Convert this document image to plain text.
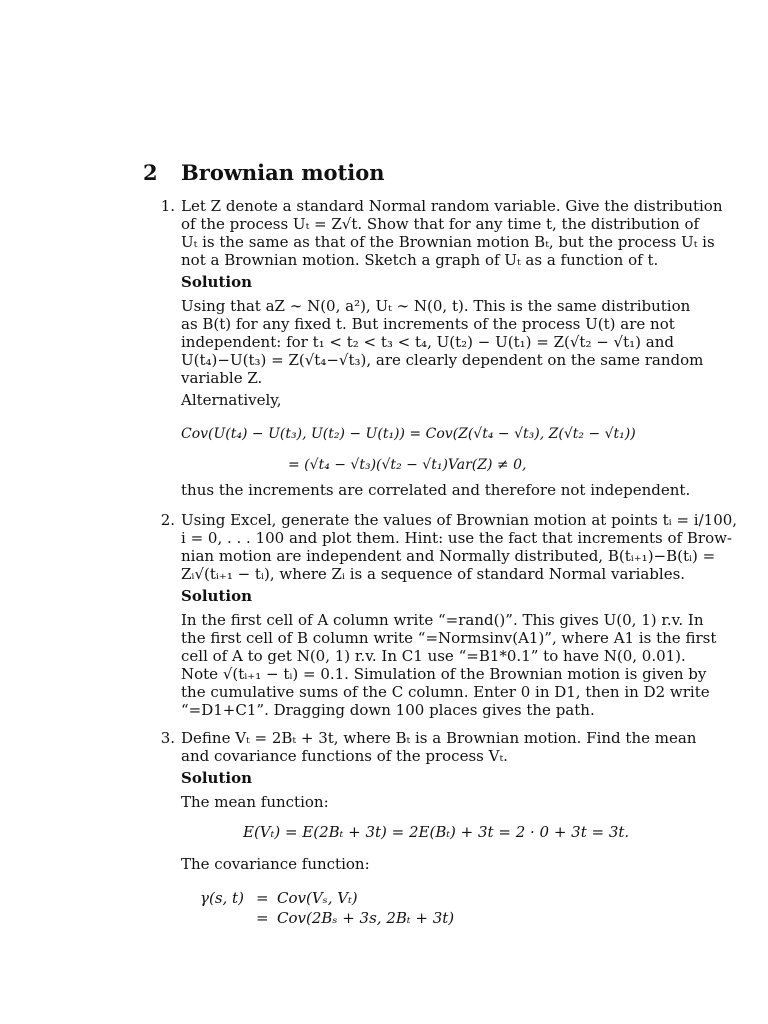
2 Brownian motion
1. Let Z denote a standard Normal random variable. Give the distribution
of the process Uₜ = Z√t. Show that for any time t, the distribution of
Uₜ is the same as that of the Brownian motion Bₜ, but the process Uₜ is
not a Brownian motion. Sketch a graph of Uₜ as a function of t.
Solution
Using that aZ ∼ N(0, a²), Uₜ ∼ N(0, t). This is the same distribution
as B(t) for any fixed t. But increments of the process U(t) are not
independent: for t₁ < t₂ < t₃ < t₄, U(t₂) − U(t₁) = Z(√t₂ − √t₁) and
U(t₄)−U(t₃) = Z(√t₄−√t₃), are clearly dependent on the same random
variable Z.
Alternatively,
Cov(U(t₄) − U(t₃), U(t₂) − U(t₁)) = Cov(Z(√t₄ − √t₃), Z(√t₂ − √t₁))
= (√t₄ − √t₃)(√t₂ − √t₁)Var(Z) ≠ 0,
thus the increments are correlated and therefore not independent.
2. Using Excel, generate the values of Brownian motion at points tᵢ = i/100,
i = 0, . . . 100 and plot them. Hint: use the fact that increments of Brow-
nian motion are independent and Normally distributed, B(tᵢ₊₁)−B(tᵢ) =
Zᵢ√(tᵢ₊₁ − tᵢ), where Zᵢ is a sequence of standard Normal variables.
Solution
In the first cell of A column write “=rand()”. This gives U(0, 1) r.v. In
the first cell of B column write “=Normsinv(A1)”, where A1 is the first
cell of A to get N(0, 1) r.v. In C1 use “=B1*0.1” to have N(0, 0.01).
Note √(tᵢ₊₁ − tᵢ) = 0.1. Simulation of the Brownian motion is given by
the cumulative sums of the C column. Enter 0 in D1, then in D2 write
“=D1+C1”. Dragging down 100 places gives the path.
3. Define Vₜ = 2Bₜ + 3t, where Bₜ is a Brownian motion. Find the mean
and covariance functions of the process Vₜ.
Solution
The mean function:
E(Vₜ) = E(2Bₜ + 3t) = 2E(Bₜ) + 3t = 2 · 0 + 3t = 3t.
The covariance function:
γ(s, t) = Cov(Vₛ, Vₜ)
= Cov(2Bₛ + 3s, 2Bₜ + 3t)
